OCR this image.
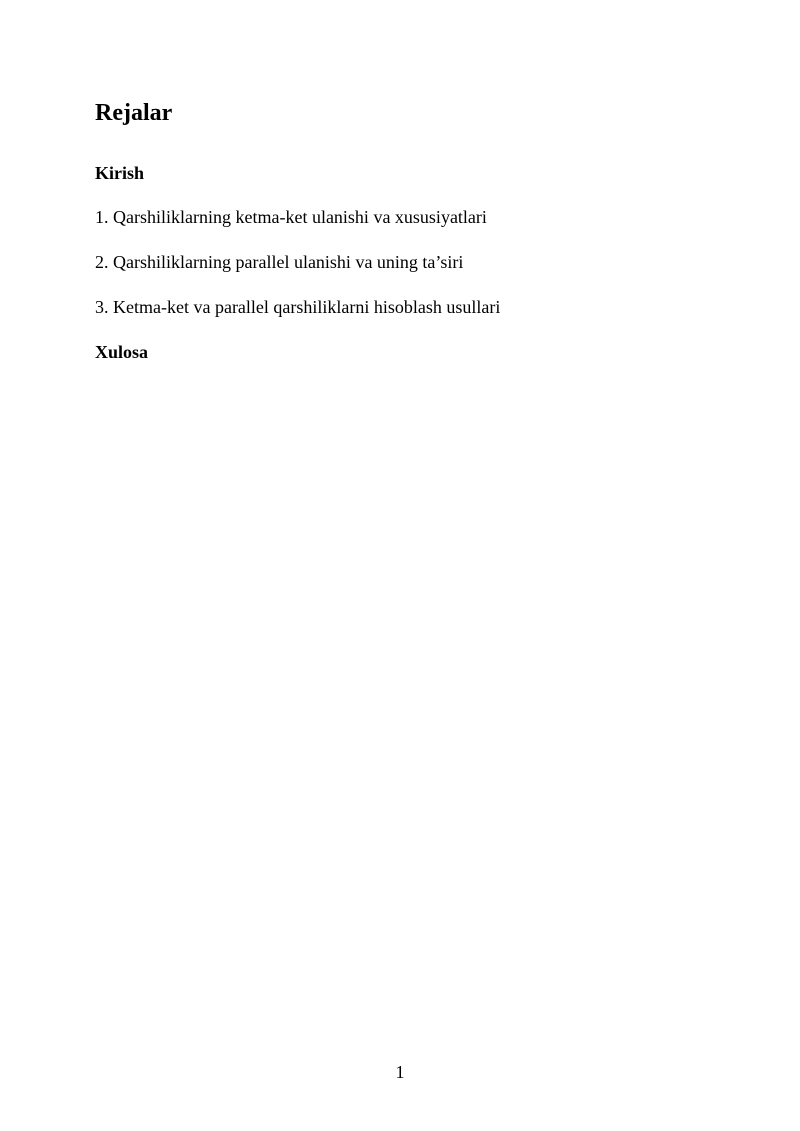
Rejalar
Kirish
1. Qarshiliklarning ketma-ket ulanishi va xususiyatlari
2. Qarshiliklarning parallel ulanishi va uning ta’siri
3. Ketma-ket va parallel qarshiliklarni hisoblash usullari
Xulosa
1
